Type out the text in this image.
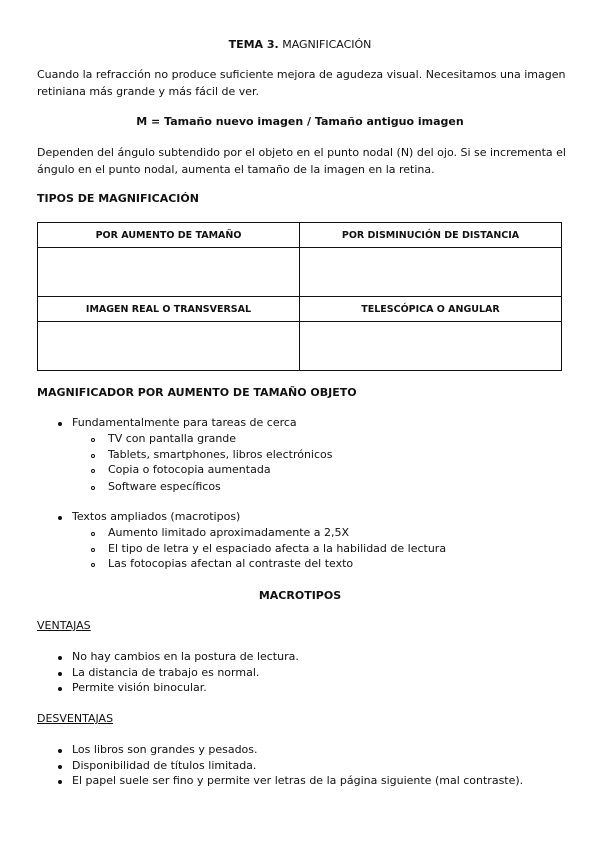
TEMA 3. MAGNIFICACIÓN

Cuando la refracción no produce suficiente mejora de agudeza visual. Necesitamos una imagen retiniana más grande y más fácil de ver.

M = Tamaño nuevo imagen / Tamaño antiguo imagen

Dependen del ángulo subtendido por el objeto en el punto nodal (N) del ojo. Si se incrementa el ángulo en el punto nodal, aumenta el tamaño de la imagen en la retina.

TIPOS DE MAGNIFICACIÓN
POR AUMENTO DE TAMAÑO	POR DISMINUCIÓN DE DISTANCIA

IMAGEN REAL O TRANSVERSAL	TELESCÓPICA O ANGULAR

MAGNIFICADOR POR AUMENTO DE TAMAÑO OBJETO
Fundamentalmente para tareas de cerca
TV con pantalla grande
Tablets, smartphones, libros electrónicos
Copia o fotocopia aumentada
Software específicos
Textos ampliados (macrotipos)
Aumento limitado aproximadamente a 2,5X
El tipo de letra y el espaciado afecta a la habilidad de lectura
Las fotocopias afectan al contraste del texto
MACROTIPOS
VENTAJAS
No hay cambios en la postura de lectura.
La distancia de trabajo es normal.
Permite visión binocular.
DESVENTAJAS
Los libros son grandes y pesados.
Disponibilidad de títulos limitada.
El papel suele ser fino y permite ver letras de la página siguiente (mal contraste).
